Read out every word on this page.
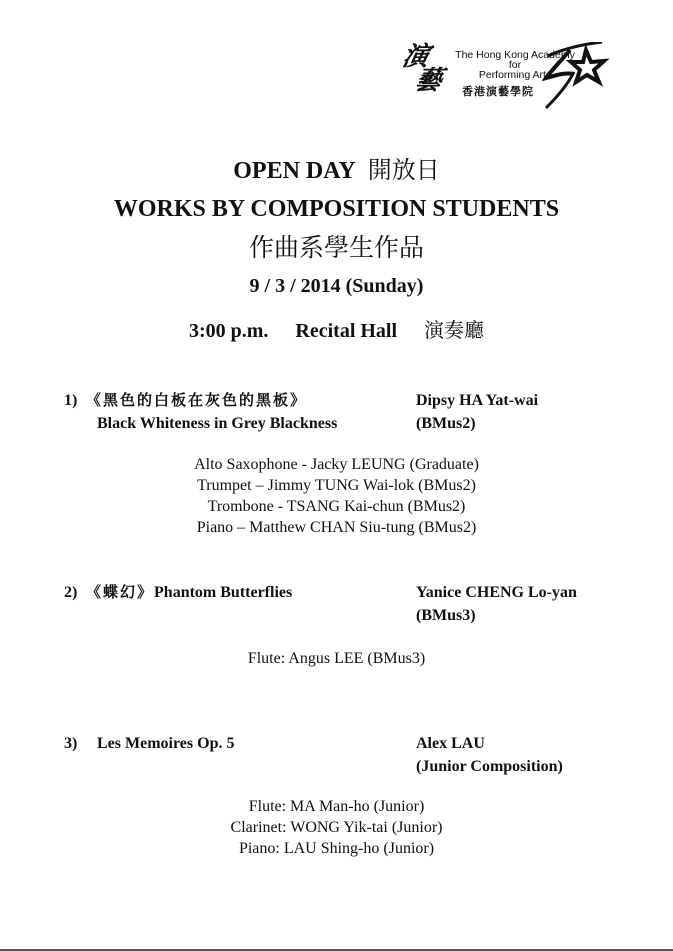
演
藝
The Hong Kong Academy
for
Performing Arts
香港演藝學院
OPEN DAY 開放日
WORKS BY COMPOSITION STUDENTS
作曲系學生作品
9 / 3 / 2014 (Sunday)
3:00 p.m. Recital Hall 演奏廳
1) 《黑色的白板在灰色的黑板》
Black Whiteness in Grey Blackness
Dipsy HA Yat-wai
(BMus2)
Alto Saxophone - Jacky LEUNG (Graduate)
Trumpet – Jimmy TUNG Wai-lok (BMus2)
Trombone - TSANG Kai-chun (BMus2)
Piano – Matthew CHAN Siu-tung (BMus2)
2) 《蝶幻》Phantom Butterflies	Yanice CHENG Lo-yan
(BMus3)
Flute: Angus LEE (BMus3)
3) Les Memoires Op. 5	Alex LAU
(Junior Composition)
Flute: MA Man-ho (Junior)
Clarinet: WONG Yik-tai (Junior)
Piano: LAU Shing-ho (Junior)
